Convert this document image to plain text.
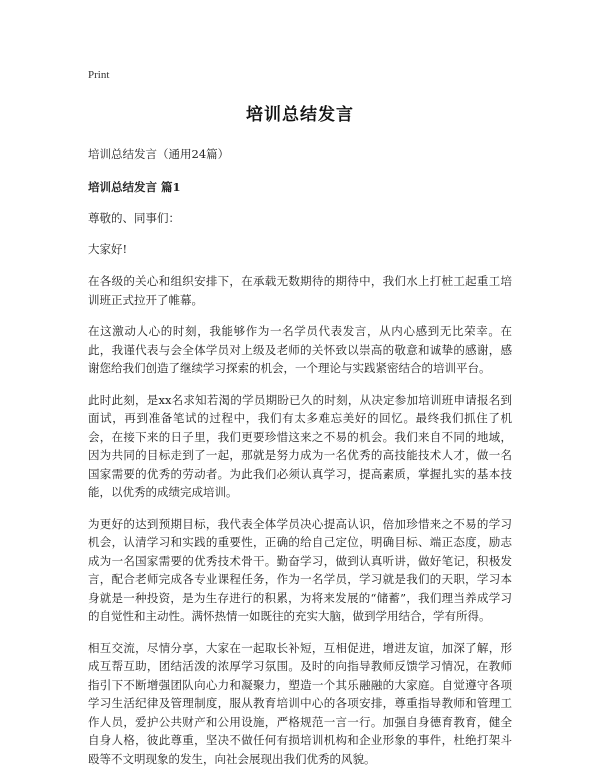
Print
培训总结发言

培训总结发言（通用24篇）

培训总结发言 篇1

尊敬的、同事们：

大家好!

在各级的关心和组织安排下，在承载无数期待的期待中，我们水上打桩工起重工培训班正式拉开了帷幕。

在这激动人心的时刻，我能够作为一名学员代表发言，从内心感到无比荣幸。在此，我谨代表与会全体学员对上级及老师的关怀致以崇高的敬意和诚挚的感谢，感谢您给我们创造了继续学习探索的机会，一个理论与实践紧密结合的培训平台。

此时此刻，是xx名求知若渴的学员期盼已久的时刻，从决定参加培训班申请报名到面试，再到准备笔试的过程中，我们有太多难忘美好的回忆。最终我们抓住了机会，在接下来的日子里，我们更要珍惜这来之不易的机会。我们来自不同的地域，因为共同的目标走到了一起，那就是努力成为一名优秀的高技能技术人才，做一名国家需要的优秀的劳动者。为此我们必须认真学习，提高素质，掌握扎实的基本技能，以优秀的成绩完成培训。

为更好的达到预期目标，我代表全体学员决心提高认识，倍加珍惜来之不易的学习机会，认清学习和实践的重要性，正确的给自己定位，明确目标、端正态度，励志成为一名国家需要的优秀技术骨干。勤奋学习，做到认真听讲，做好笔记，积极发言，配合老师完成各专业课程任务，作为一名学员，学习就是我们的天职，学习本身就是一种投资，是为生存进行的积累，为将来发展的“储蓄”，我们理当养成学习的自觉性和主动性。满怀热情一如既往的充实大脑，做到学用结合，学有所得。

相互交流，尽情分享，大家在一起取长补短，互相促进，增进友谊，加深了解，形成互帮互助，团结活泼的浓厚学习氛围。及时的向指导教师反馈学习情况，在教师指引下不断增强团队向心力和凝聚力，塑造一个其乐融融的大家庭。自觉遵守各项学习生活纪律及管理制度，服从教育培训中心的各项安排，尊重指导教师和管理工作人员，爱护公共财产和公用设施，严格规范一言一行。加强自身德育教育，健全自身人格，彼此尊重，坚决不做任何有损培训机构和企业形象的事件，杜绝打架斗殴等不文明现象的发生，向社会展现出我们优秀的风貌。
